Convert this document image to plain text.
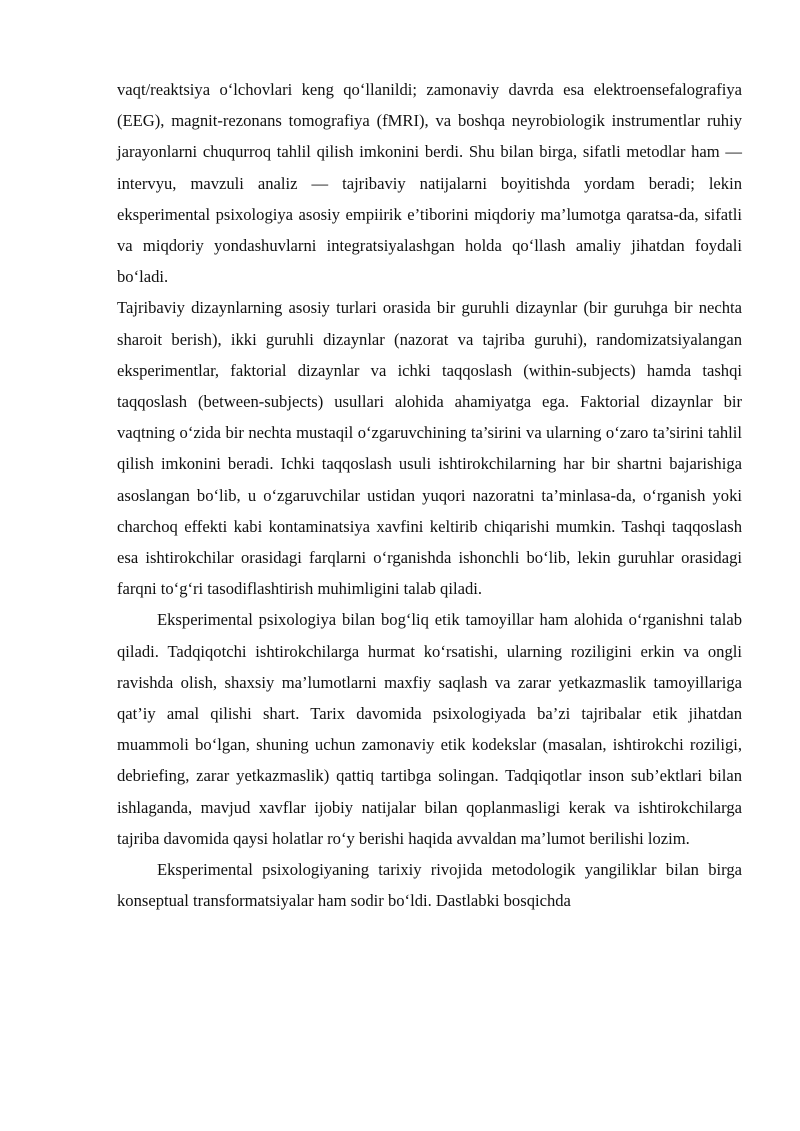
vaqt/reaktsiya o‘lchovlari keng qo‘llanildi; zamonaviy davrda esa elektroensefalografiya (EEG), magnit-rezonans tomografiya (fMRI), va boshqa neyrobiologik instrumentlar ruhiy jarayonlarni chuqurroq tahlil qilish imkonini berdi. Shu bilan birga, sifatli metodlar ham — intervyu, mavzuli analiz — tajribaviy natijalarni boyitishda yordam beradi; lekin eksperimental psixologiya asosiy empiirik e’tiborini miqdoriy ma’lumotga qaratsa-da, sifatli va miqdoriy yondashuvlarni integratsiyalashgan holda qo‘llash amaliy jihatdan foydali bo‘ladi.

Tajribaviy dizaynlarning asosiy turlari orasida bir guruhli dizaynlar (bir guruhga bir nechta sharoit berish), ikki guruhli dizaynlar (nazorat va tajriba guruhi), randomizatsiyalangan eksperimentlar, faktorial dizaynlar va ichki taqqoslash (within-subjects) hamda tashqi taqqoslash (between-subjects) usullari alohida ahamiyatga ega. Faktorial dizaynlar bir vaqtning o‘zida bir nechta mustaqil o‘zgaruvchining ta’sirini va ularning o‘zaro ta’sirini tahlil qilish imkonini beradi. Ichki taqqoslash usuli ishtirokchilarning har bir shartni bajarishiga asoslangan bo‘lib, u o‘zgaruvchilar ustidan yuqori nazoratni ta’minlasa-da, o‘rganish yoki charchoq effekti kabi kontaminatsiya xavfini keltirib chiqarishi mumkin. Tashqi taqqoslash esa ishtirokchilar orasidagi farqlarni o‘rganishda ishonchli bo‘lib, lekin guruhlar orasidagi farqni to‘g‘ri tasodiflashtirish muhimligini talab qiladi.

Eksperimental psixologiya bilan bog‘liq etik tamoyillar ham alohida o‘rganishni talab qiladi. Tadqiqotchi ishtirokchilarga hurmat ko‘rsatishi, ularning roziligini erkin va ongli ravishda olish, shaxsiy ma’lumotlarni maxfiy saqlash va zarar yetkazmaslik tamoyillariga qat’iy amal qilishi shart. Tarix davomida psixologiyada ba’zi tajribalar etik jihatdan muammoli bo‘lgan, shuning uchun zamonaviy etik kodekslar (masalan, ishtirokchi roziligi, debriefing, zarar yetkazmaslik) qattiq tartibga solingan. Tadqiqotlar inson sub’ektlari bilan ishlaganda, mavjud xavflar ijobiy natijalar bilan qoplanmasligi kerak va ishtirokchilarga tajriba davomida qaysi holatlar ro‘y berishi haqida avvaldan ma’lumot berilishi lozim.

Eksperimental psixologiyaning tarixiy rivojida metodologik yangiliklar bilan birga konseptual transformatsiyalar ham sodir bo‘ldi. Dastlabki bosqichda
